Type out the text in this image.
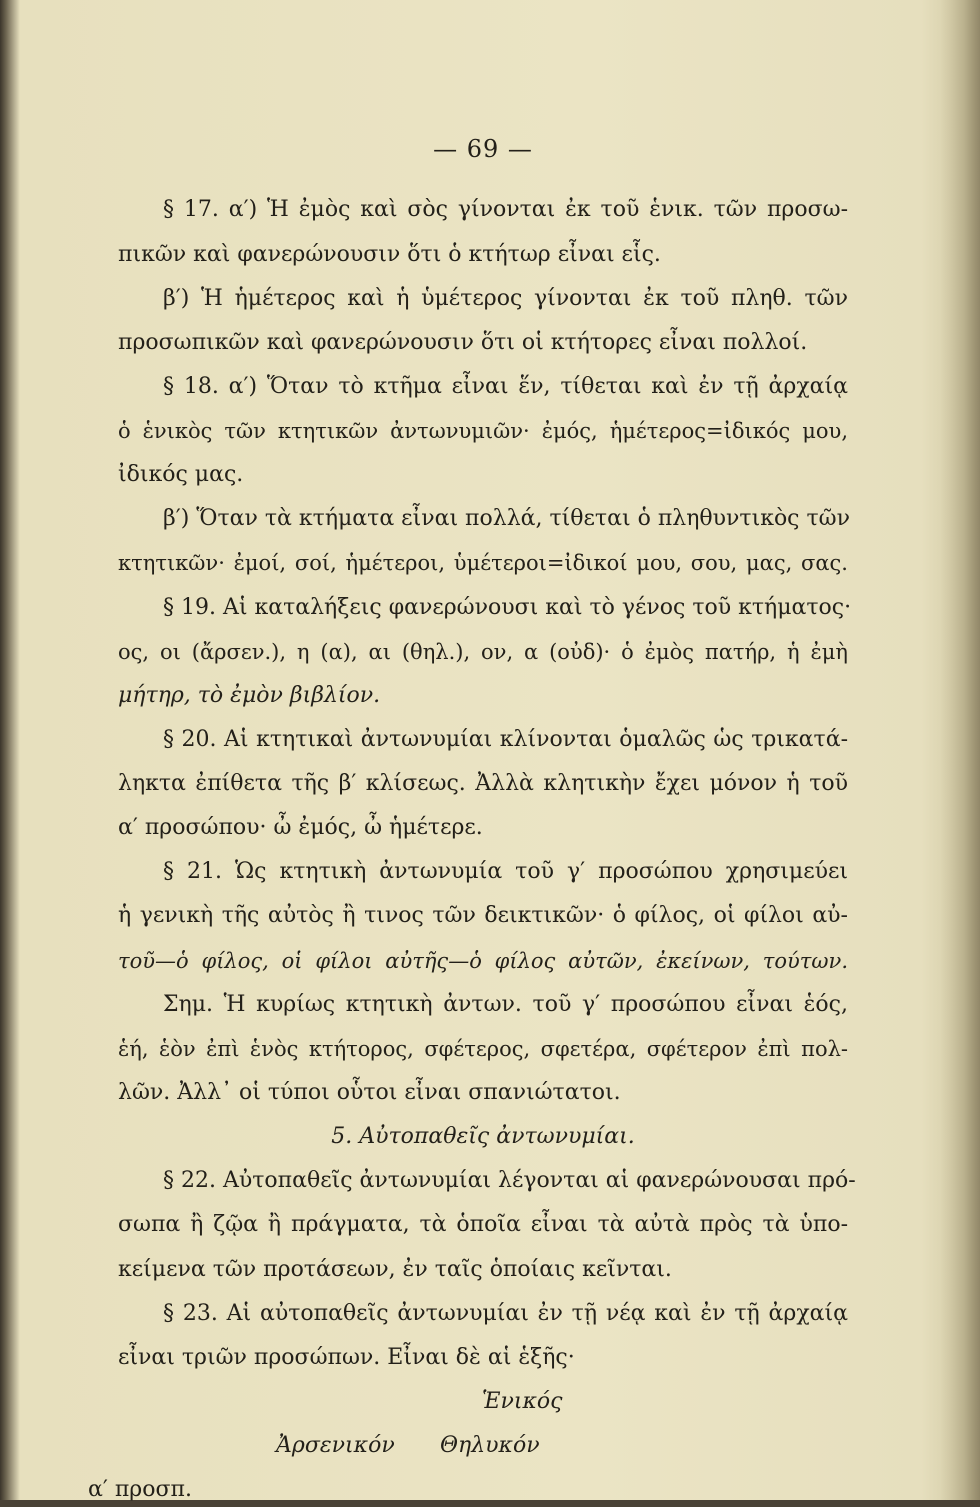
— 69 —
§ 17. α′) Ἡ ἐμὸς καὶ σὸς γίνονται ἐκ τοῦ ἑνικ. τῶν προσω-
πικῶν καὶ φανερώνουσιν ὅτι ὁ κτήτωρ εἶναι εἷς.
β′) Ἡ ἡμέτερος καὶ ἡ ὑμέτερος γίνονται ἐκ τοῦ πληθ. τῶν
προσωπικῶν καὶ φανερώνουσιν ὅτι οἱ κτήτορες εἶναι πολλοί.
§ 18. α′) Ὅταν τὸ κτῆμα εἶναι ἕν, τίθεται καὶ ἐν τῇ ἀρχαίᾳ
ὁ ἑνικὸς τῶν κτητικῶν ἀντωνυμιῶν· ἐμός, ἡμέτερος=ἰδικός μου,
ἰδικός μας.
β′) Ὅταν τὰ κτήματα εἶναι πολλά, τίθεται ὁ πληθυντικὸς τῶν
κτητικῶν· ἐμοί, σοί, ἡμέτεροι, ὑμέτεροι=ἰδικοί μου, σου, μας, σας.
§ 19. Αἱ καταλήξεις φανερώνουσι καὶ τὸ γένος τοῦ κτήματος·
ος, οι (ἄρσεν.), η (α), αι (θηλ.), ον, α (οὐδ)· ὁ ἐμὸς πατήρ, ἡ ἐμὴ
μήτηρ, τὸ ἐμὸν βιβλίον.
§ 20. Αἱ κτητικαὶ ἀντωνυμίαι κλίνονται ὁμαλῶς ὡς τρικατά-
ληκτα ἐπίθετα τῆς β′ κλίσεως. Ἀλλὰ κλητικὴν ἔχει μόνον ἡ τοῦ
α′ προσώπου· ὦ ἐμός, ὦ ἡμέτερε.
§ 21. Ὡς κτητικὴ ἀντωνυμία τοῦ γ′ προσώπου χρησιμεύει
ἡ γενικὴ τῆς αὐτὸς ἢ τινος τῶν δεικτικῶν· ὁ φίλος, οἱ φίλοι αὐ-
τοῦ—ὁ φίλος, οἱ φίλοι αὐτῆς—ὁ φίλος αὐτῶν, ἐκείνων, τούτων.
Σημ. Ἡ κυρίως κτητικὴ ἀντων. τοῦ γ′ προσώπου εἶναι ἑός,
ἑή, ἑὸν ἐπὶ ἑνὸς κτήτορος, σφέτερος, σφετέρα, σφέτερον ἐπὶ πολ-
λῶν. Ἀλλ᾿ οἱ τύποι οὗτοι εἶναι σπανιώτατοι.
5. Αὐτοπαθεῖς ἀντωνυμίαι.
§ 22. Αὐτοπαθεῖς ἀντωνυμίαι λέγονται αἱ φανερώνουσαι πρό-
σωπα ἢ ζῷα ἢ πράγματα, τὰ ὁποῖα εἶναι τὰ αὐτὰ πρὸς τὰ ὑπο-
κείμενα τῶν προτάσεων, ἐν ταῖς ὁποίαις κεῖνται.
§ 23. Αἱ αὐτοπαθεῖς ἀντωνυμίαι ἐν τῇ νέᾳ καὶ ἐν τῇ ἀρχαίᾳ
εἶναι τριῶν προσώπων. Εἶναι δὲ αἱ ἑξῆς·
Ἑνικός
Ἀρσενικόν Θηλυκόν
α′ προσπ.
